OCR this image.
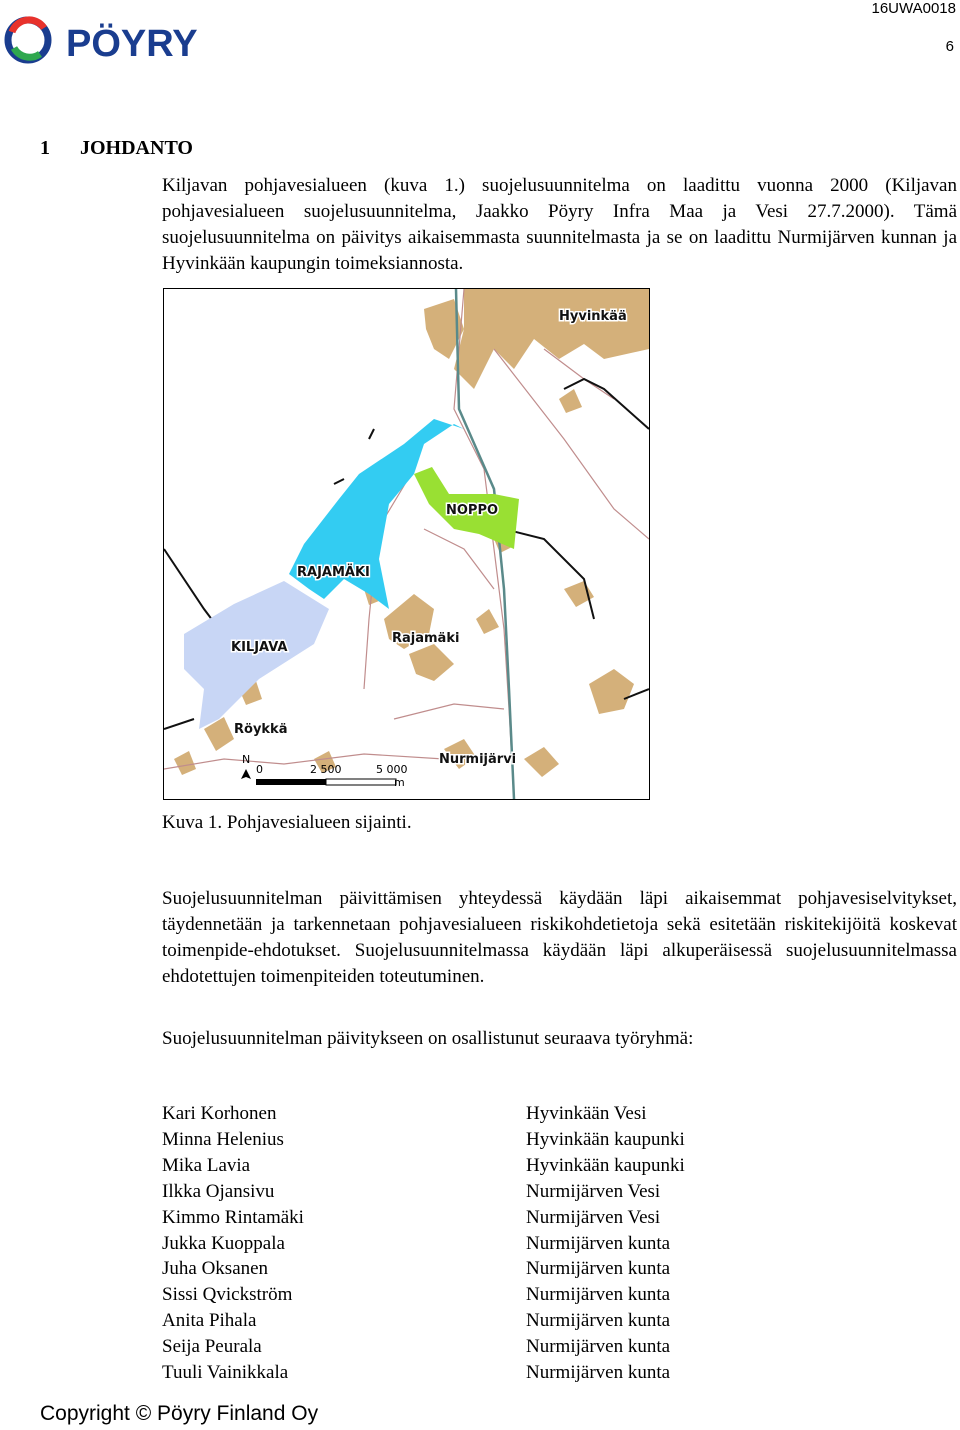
PÖYRY
16UWA0018
6
1 JOHDANTO
Kiljavan pohjavesialueen (kuva 1.) suojelusuunnitelma on laadittu vuonna 2000 (Kiljavan pohjavesialueen suojelusuunnitelma, Jaakko Pöyry Infra Maa ja Vesi 27.7.2000). Tämä suojelusuunnitelma on päivitys aikaisemmasta suunnitelmasta ja se on laadittu Nurmijärven kunnan ja Hyvinkään kaupungin toimeksiannosta.
N
0	2 500	5 000
m
Hyvinkää
NOPPO
RAJAMÄKI
Rajamäki
KILJAVA
Röykkä
Nurmijärvi
Kuva 1. Pohjavesialueen sijainti.
Suojelusuunnitelman päivittämisen yhteydessä käydään läpi aikaisemmat pohjavesiselvitykset, täydennetään ja tarkennetaan pohjavesialueen riskikohdetietoja sekä esitetään riskitekijöitä koskevat toimenpide-ehdotukset. Suojelusuunnitelmassa käydään läpi alkuperäisessä suojelusuunnitelmassa ehdotettujen toimenpiteiden toteutuminen.
Suojelusuunnitelman päivitykseen on osallistunut seuraava työryhmä:
Kari Korhonen	Hyvinkään Vesi
Minna Helenius	Hyvinkään kaupunki
Mika Lavia	Hyvinkään kaupunki
Ilkka Ojansivu	Nurmijärven Vesi
Kimmo Rintamäki	Nurmijärven Vesi
Jukka Kuoppala	Nurmijärven kunta
Juha Oksanen	Nurmijärven kunta
Sissi Qvickström	Nurmijärven kunta
Anita Pihala	Nurmijärven kunta
Seija Peurala	Nurmijärven kunta
Tuuli Vainikkala	Nurmijärven kunta
Copyright © Pöyry Finland Oy
